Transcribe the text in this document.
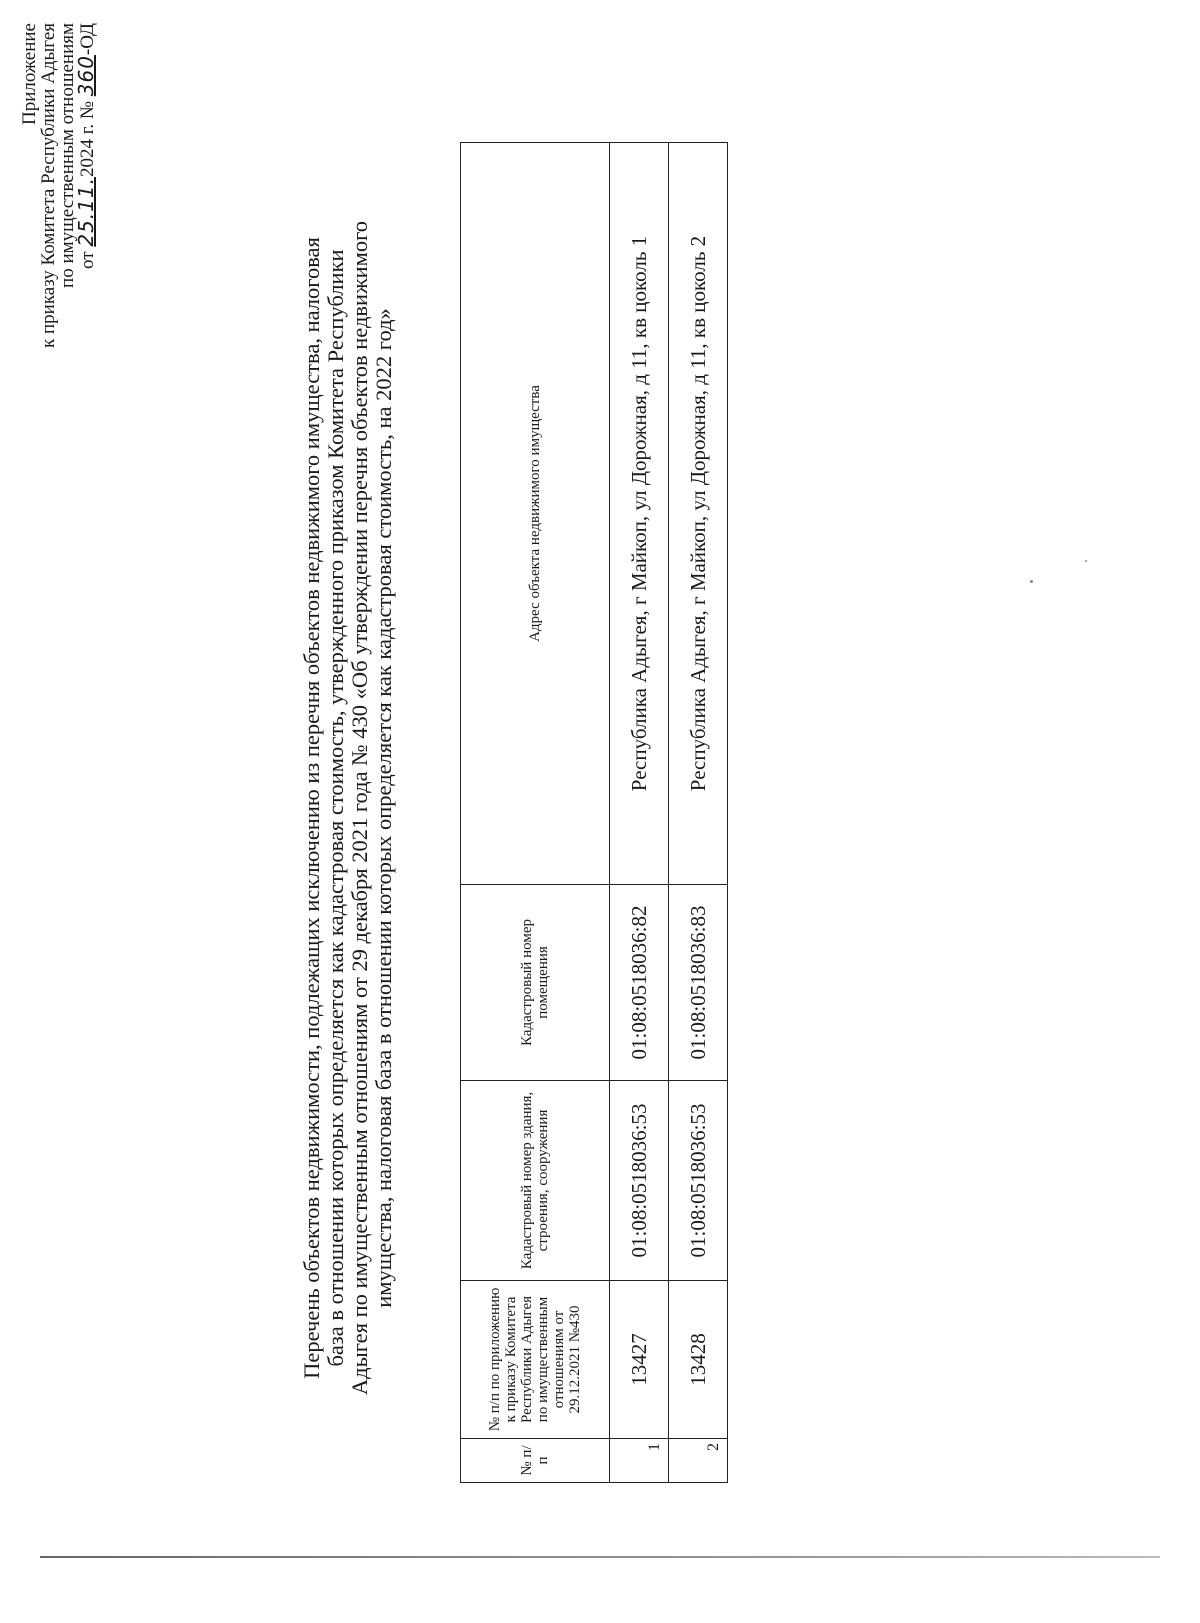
Приложение
к приказу Комитета Республики Адыгея
по имущественным отношениям от 25.11.2024 г. № 360-ОД
Перечень объектов недвижимости, подлежащих исключению из перечня объектов недвижимого имущества, налоговая база в отношении которых определяется как кадастровая стоимость, утвержденного приказом Комитета Республики Адыгея по имущественным отношениям от 29 декабря 2021 года № 430 «Об утверждении перечня объектов недвижимого имущества, налоговая база в отношении которых определяется как кадастровая стоимость, на 2022 год»
№ п/п	№ п/п по приложению к приказу Комитета Республики Адыгея по имущественным отношениям от 29.12.2021 №430	Кадастровый номер здания, строения, сооружения	Кадастровый номер помещения	Адрес объекта недвижимого имущества
1	13427	01:08:0518036:53	01:08:0518036:82	Республика Адыгея, г Майкоп, ул Дорожная, д 11, кв цоколь 1
2	13428	01:08:0518036:53	01:08:0518036:83	Республика Адыгея, г Майкоп, ул Дорожная, д 11, кв цоколь 2
